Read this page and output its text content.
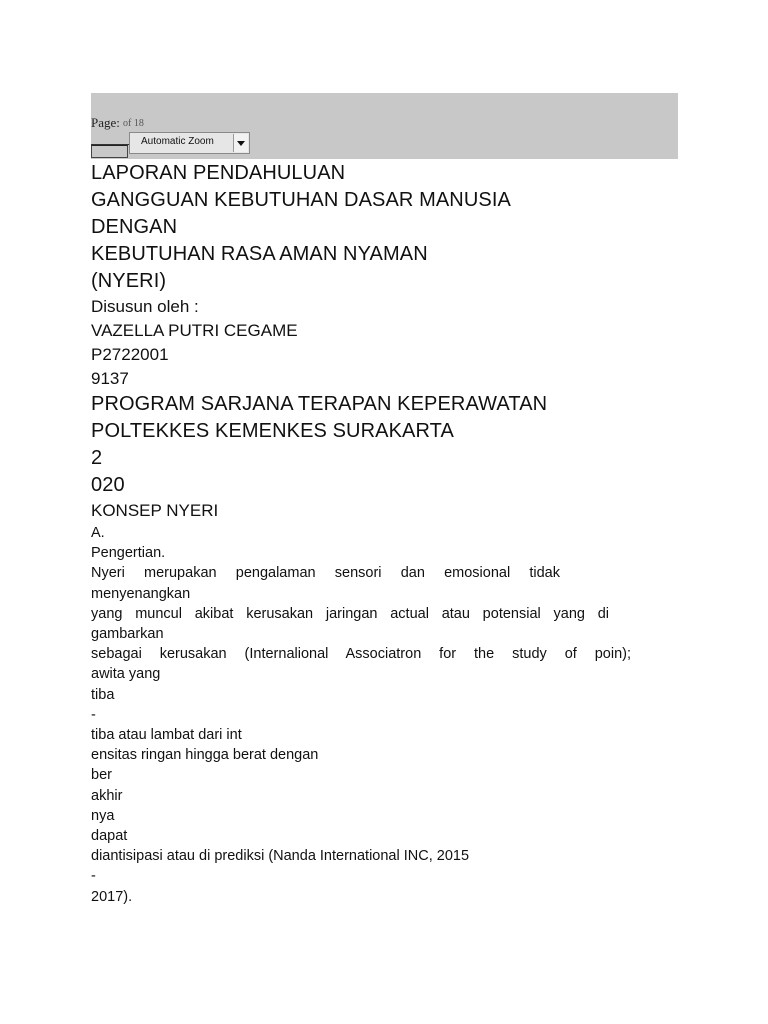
Page: of 18
Automatic Zoom
LAPORAN PENDAHULUAN
GANGGUAN KEBUTUHAN DASAR MANUSIA
DENGAN
KEBUTUHAN RASA AMAN NYAMAN
(NYERI)
Disusun oleh :
VAZELLA PUTRI CEGAME
P2722001
9137
PROGRAM SARJANA TERAPAN KEPERAWATAN
POLTEKKES KEMENKES SURAKARTA
2
020
KONSEP NYERI
A.
Pengertian.
Nyeri merupakan pengalaman sensori dan emosional tidak
menyenangkan
yang muncul akibat kerusakan jaringan actual atau potensial yang di
gambarkan
sebagai kerusakan (Internalional Associatron for the study of poin);
awita yang
tiba
-
tiba atau lambat dari int
ensitas ringan hingga berat dengan
ber
akhir
nya
dapat
diantisipasi atau di prediksi (Nanda International INC, 2015
-
2017).
